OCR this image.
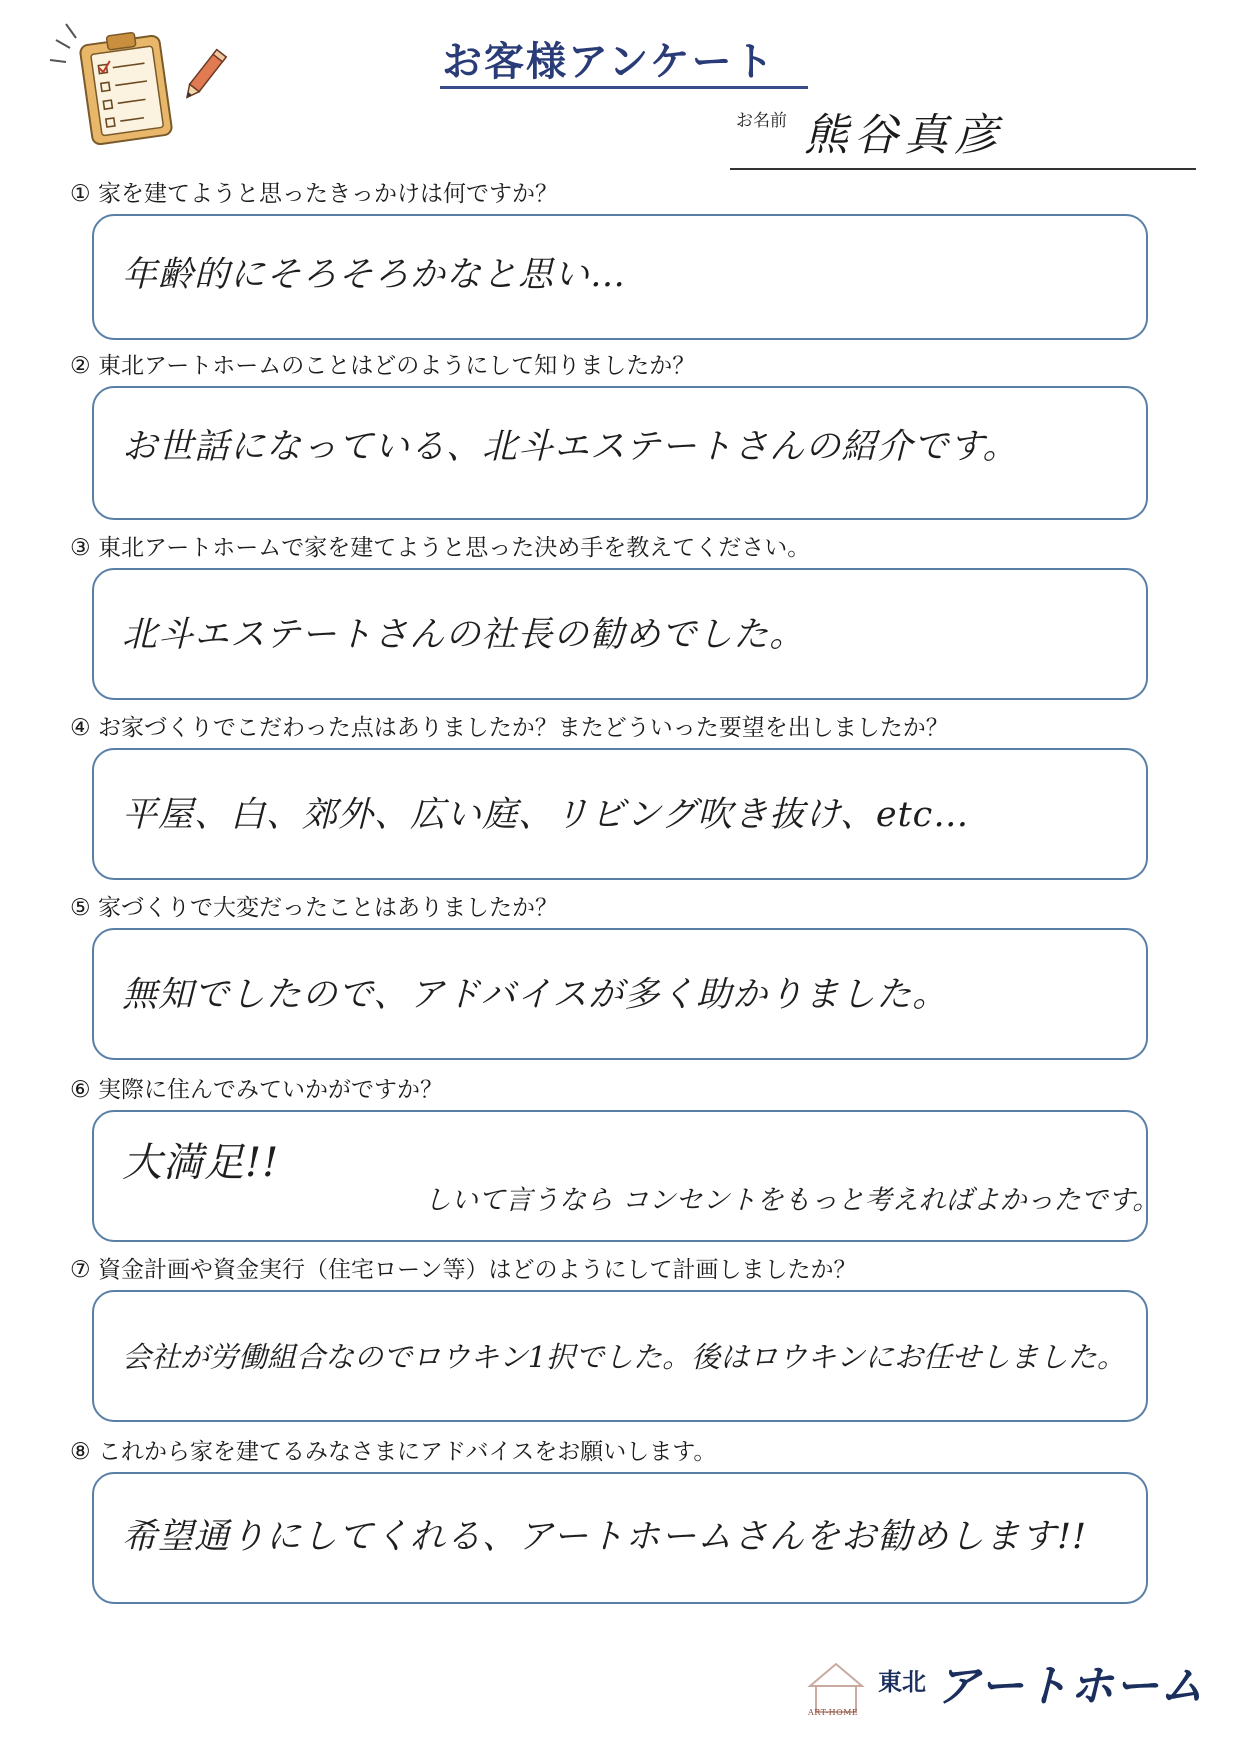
お客様アンケート
お名前 熊谷真彦
① 家を建てようと思ったきっかけは何ですか？
年齢的にそろそろかなと思い…
② 東北アートホームのことはどのようにして知りましたか？
お世話になっている、北斗エステートさんの紹介です。
③ 東北アートホームで家を建てようと思った決め手を教えてください。
北斗エステートさんの社長の勧めでした。
④ お家づくりでこだわった点はありましたか？またどういった要望を出しましたか？
平屋、白、郊外、広い庭、リビング吹き抜け、etc…
⑤ 家づくりで大変だったことはありましたか？
無知でしたので、アドバイスが多く助かりました。
⑥ 実際に住んでみていかがですか？
大満足!!
しいて言うなら コンセントをもっと考えればよかったです。
⑦ 資金計画や資金実行（住宅ローン等）はどのようにして計画しましたか？
会社が労働組合なのでロウキン1択でした。後はロウキンにお任せしました。
⑧ これから家を建てるみなさまにアドバイスをお願いします。
希望通りにしてくれる、アートホームさんをお勧めします!!
ART-HOME
東北 アートホーム
